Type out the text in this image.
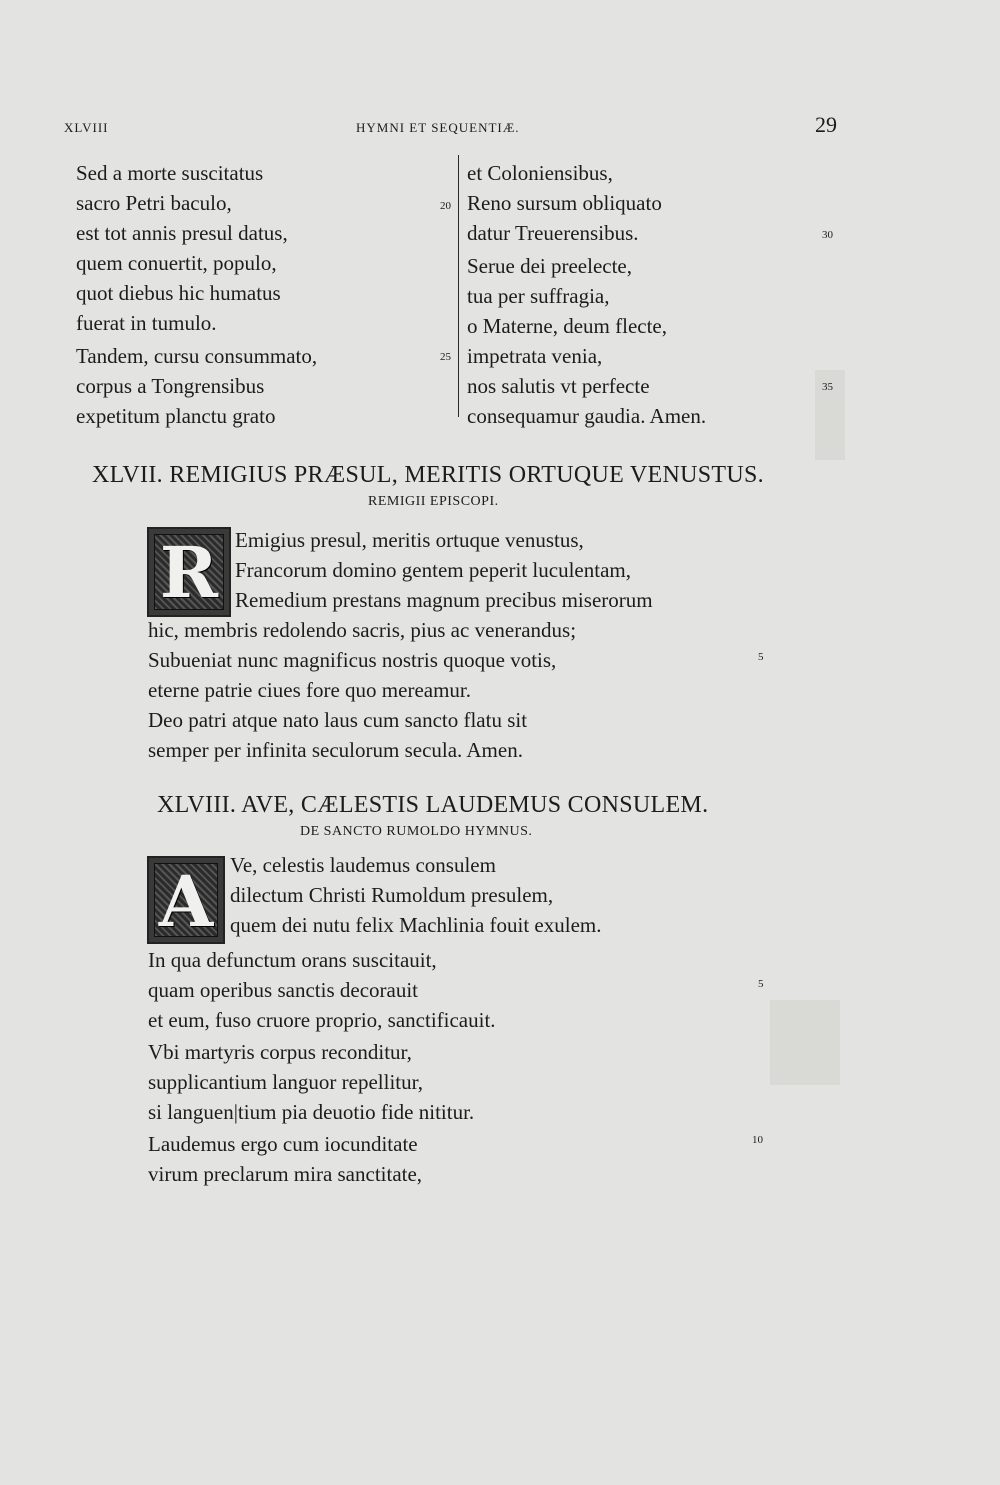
XLVIII	HYMNI ET SEQUENTIÆ.	29
Sed a morte suscitatus
sacro Petri baculo,
est tot annis presul datus,
quem conuertit, populo,
quot diebus hic humatus
fuerat in tumulo.
Tandem, cursu consummato,
corpus a Tongrensibus
expetitum planctu grato
20
25
et Coloniensibus,
Reno sursum obliquato
datur Treuerensibus.
Serue dei preelecte,
tua per suffragia,
o Materne, deum flecte,
impetrata venia,
nos salutis vt perfecte
consequamur gaudia. Amen.
30
35
XLVII. REMIGIUS PRÆSUL, MERITIS ORTUQUE VENUSTUS.
REMIGII EPISCOPI.
R Emigius presul, meritis ortuque venustus,
Francorum domino gentem peperit luculentam,
Remedium prestans magnum precibus miserorum
hic, membris redolendo sacris, pius ac venerandus;
Subueniat nunc magnificus nostris quoque votis,
eterne patrie ciues fore quo mereamur.
Deo patri atque nato laus cum sancto flatu sit
semper per infinita seculorum secula. Amen.
5
XLVIII. AVE, CÆLESTIS LAUDEMUS CONSULEM.
DE SANCTO RUMOLDO HYMNUS.
A Ve, celestis laudemus consulem
dilectum Christi Rumoldum presulem,
quem dei nutu felix Machlinia fouit exulem.
In qua defunctum orans suscitauit,
quam operibus sanctis decorauit
et eum, fuso cruore proprio, sanctificauit.
Vbi martyris corpus reconditur,
supplicantium languor repellitur,
si languen|tium pia deuotio fide nititur.
Laudemus ergo cum iocunditate
virum preclarum mira sanctitate,
5
10
